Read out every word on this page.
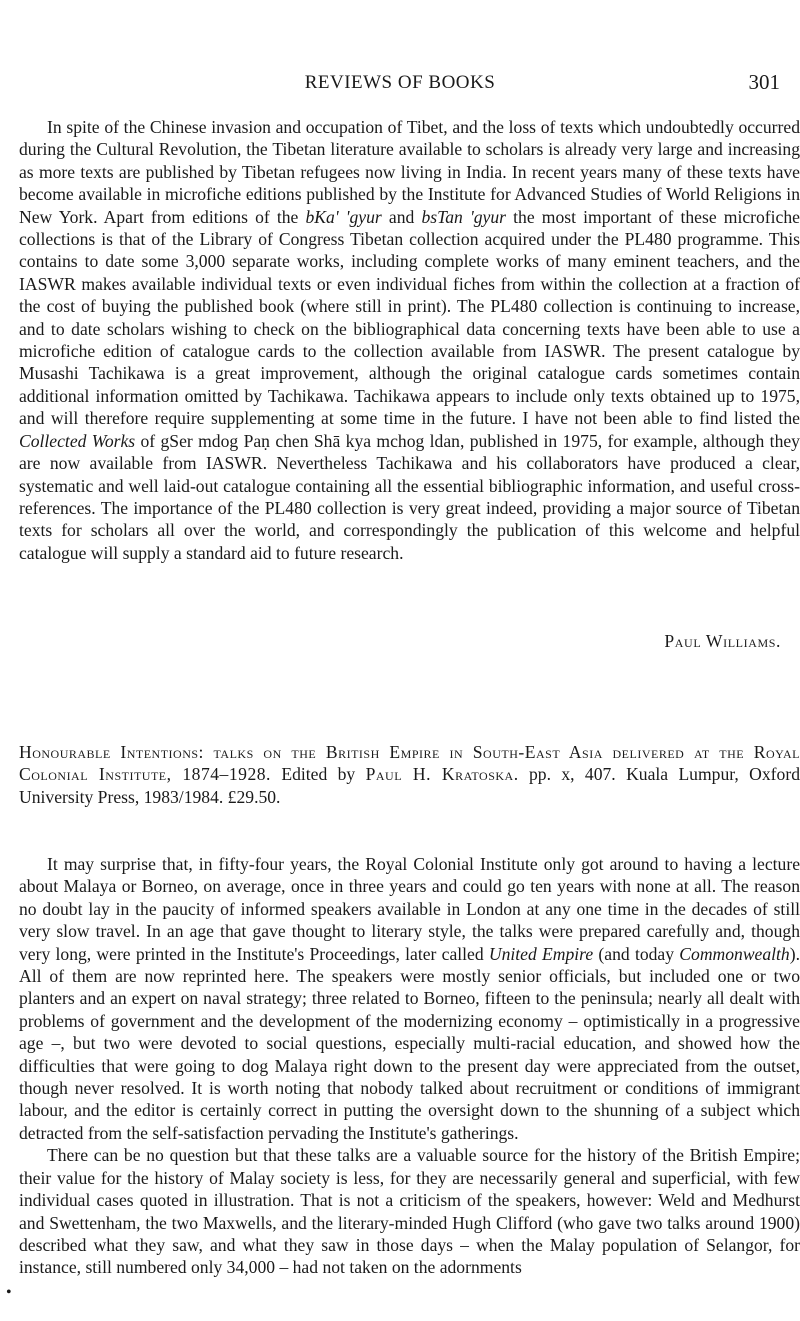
REVIEWS OF BOOKS	301

In spite of the Chinese invasion and occupation of Tibet, and the loss of texts which undoubtedly occurred during the Cultural Revolution, the Tibetan literature available to scholars is already very large and increasing as more texts are published by Tibetan refugees now living in India. In recent years many of these texts have become available in microfiche editions published by the Institute for Advanced Studies of World Religions in New York. Apart from editions of the bKa' 'gyur and bsTan 'gyur the most important of these microfiche collections is that of the Library of Congress Tibetan collection acquired under the PL480 programme. This contains to date some 3,000 separate works, including complete works of many eminent teachers, and the IASWR makes available individual texts or even individual fiches from within the collection at a fraction of the cost of buying the published book (where still in print). The PL480 collection is continuing to increase, and to date scholars wishing to check on the bibliographical data concerning texts have been able to use a microfiche edition of catalogue cards to the collection available from IASWR. The present catalogue by Musashi Tachikawa is a great improvement, although the original catalogue cards sometimes contain additional information omitted by Tachikawa. Tachikawa appears to include only texts obtained up to 1975, and will therefore require supplementing at some time in the future. I have not been able to find listed the Collected Works of gSer mdog Paṇ chen Shā kya mchog ldan, published in 1975, for example, although they are now available from IASWR. Nevertheless Tachikawa and his collaborators have produced a clear, systematic and well laid-out catalogue containing all the essential bibliographic information, and useful cross-references. The importance of the PL480 collection is very great indeed, providing a major source of Tibetan texts for scholars all over the world, and correspondingly the publication of this welcome and helpful catalogue will supply a standard aid to future research.

Paul Williams.
Honourable Intentions: talks on the British Empire in South-East Asia delivered at the Royal Colonial Institute, 1874–1928. Edited by Paul H. Kratoska. pp. x, 407. Kuala Lumpur, Oxford University Press, 1983/1984. £29.50.

It may surprise that, in fifty-four years, the Royal Colonial Institute only got around to having a lecture about Malaya or Borneo, on average, once in three years and could go ten years with none at all. The reason no doubt lay in the paucity of informed speakers available in London at any one time in the decades of still very slow travel. In an age that gave thought to literary style, the talks were prepared carefully and, though very long, were printed in the Institute's Proceedings, later called United Empire (and today Commonwealth). All of them are now reprinted here. The speakers were mostly senior officials, but included one or two planters and an expert on naval strategy; three related to Borneo, fifteen to the peninsula; nearly all dealt with problems of government and the development of the modernizing economy – optimistically in a progressive age –, but two were devoted to social questions, especially multi-racial education, and showed how the difficulties that were going to dog Malaya right down to the present day were appreciated from the outset, though never resolved. It is worth noting that nobody talked about recruitment or conditions of immigrant labour, and the editor is certainly correct in putting the oversight down to the shunning of a subject which detracted from the self-satisfaction pervading the Institute's gatherings.

There can be no question but that these talks are a valuable source for the history of the British Empire; their value for the history of Malay society is less, for they are necessarily general and superficial, with few individual cases quoted in illustration. That is not a criticism of the speakers, however: Weld and Medhurst and Swettenham, the two Maxwells, and the literary-minded Hugh Clifford (who gave two talks around 1900) described what they saw, and what they saw in those days – when the Malay population of Selangor, for instance, still numbered only 34,000 – had not taken on the adornments

•
